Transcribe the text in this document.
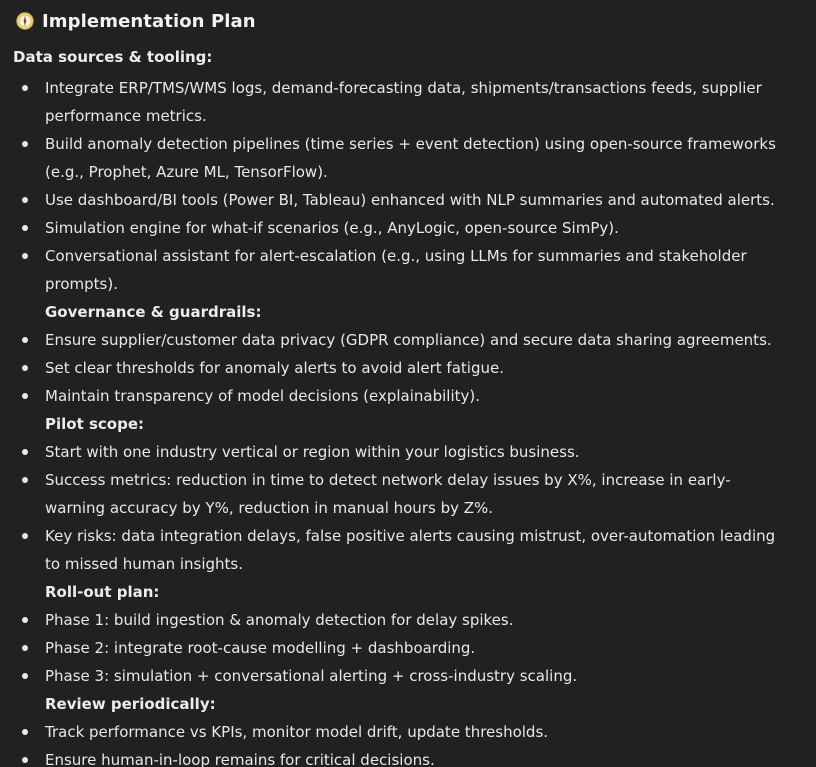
Implementation Plan
Data sources & tooling:
Integrate ERP/TMS/WMS logs, demand-forecasting data, shipments/transactions feeds, supplier performance metrics.
Build anomaly detection pipelines (time series + event detection) using open-source frameworks (e.g., Prophet, Azure ML, TensorFlow).
Use dashboard/BI tools (Power BI, Tableau) enhanced with NLP summaries and automated alerts.
Simulation engine for what-if scenarios (e.g., AnyLogic, open-source SimPy).
Conversational assistant for alert-escalation (e.g., using LLMs for summaries and stakeholder prompts).
Governance & guardrails:
Ensure supplier/customer data privacy (GDPR compliance) and secure data sharing agreements.
Set clear thresholds for anomaly alerts to avoid alert fatigue.
Maintain transparency of model decisions (explainability).
Pilot scope:
Start with one industry vertical or region within your logistics business.
Success metrics: reduction in time to detect network delay issues by X%, increase in early-warning accuracy by Y%, reduction in manual hours by Z%.
Key risks: data integration delays, false positive alerts causing mistrust, over-automation leading to missed human insights.
Roll-out plan:
Phase 1: build ingestion & anomaly detection for delay spikes.
Phase 2: integrate root-cause modelling + dashboarding.
Phase 3: simulation + conversational alerting + cross-industry scaling.
Review periodically:
Track performance vs KPIs, monitor model drift, update thresholds.
Ensure human-in-loop remains for critical decisions.
